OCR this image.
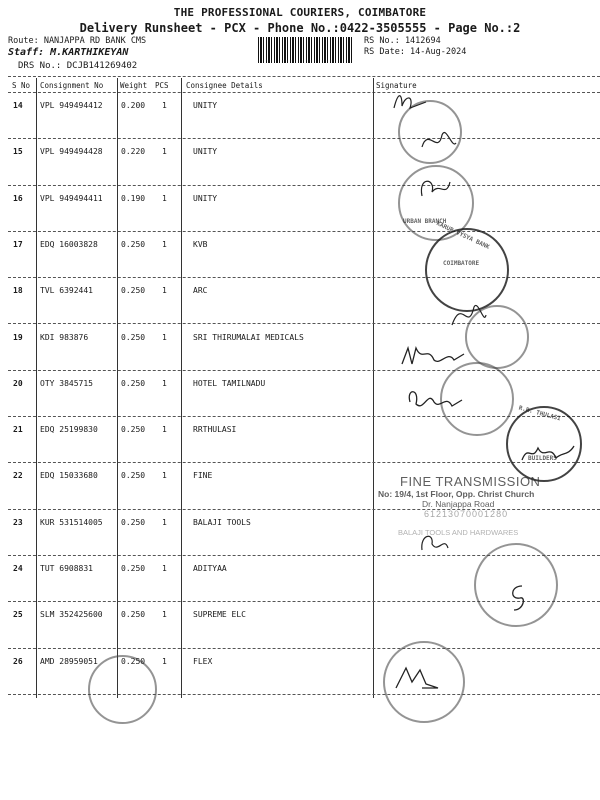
THE PROFESSIONAL COURIERS, COIMBATORE
Delivery Runsheet - PCX - Phone No.:0422-3505555 - Page No.:2
Route: NANJAPPA RD BANK CMS
Staff: M.KARTHIKEYAN
DRS No.: DCJB141269402
RS No.: 1412694
RS Date: 14-Aug-2024
S No Consignment No Weight PCS Consignee Details	Signature
14 VPL 949494412 0.200 1	UNITY
15 VPL 949494428 0.220 1	UNITY
16 VPL 949494411 0.190 1	UNITY
17 EDQ 16003828	0.250 1	KVB
18 TVL 6392441	0.250 1	ARC
19 KDI 983876	0.250 1	SRI THIRUMALAI MEDICALS
20 OTY 3845715	0.250 1	HOTEL TAMILNADU
21 EDQ 25199830	0.250 1	RRTHULASI
22 EDQ 15033680	0.250 1	FINE
23 KUR 531514005 0.250 1	BALAJI TOOLS
24 TUT 6908831	0.250 1	ADITYAA
25 SLM 352425600 0.250 1	SUPREME ELC
26 AMD 28959051	0.250 1	FLEX
URBAN BRANCH
KARUR VYSYA BANK
COIMBATORE
R.R. THULASI
BUILDERS
FINE TRANSMISSION
No: 19/4, 1st Floor, Opp. Christ Church
Dr. Nanjappa Road
61213070001280
BALAJI TOOLS AND HARDWARES
